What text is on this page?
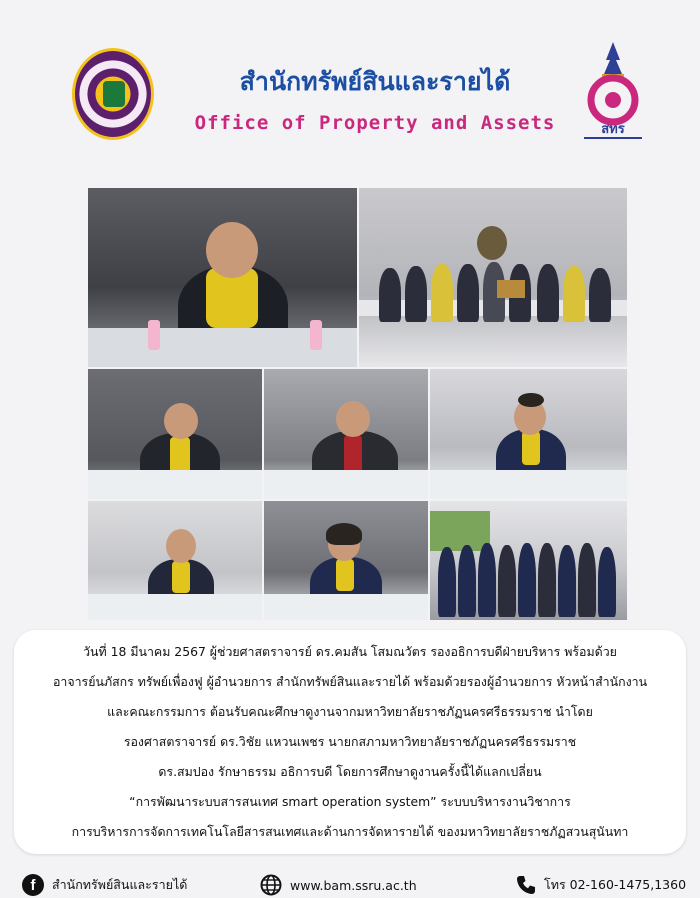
สำนักทรัพย์สินและรายได้
Office of Property and Assets	สทร
วันที่ 18 มีนาคม 2567 ผู้ช่วยศาสตราจารย์ ดร.คมสัน โสมณวัตร รองอธิการบดีฝ่ายบริหาร พร้อมด้วย
อาจารย์นภัสกร ทรัพย์เพื่องฟู ผู้อำนวยการ สำนักทรัพย์สินและรายได้ พร้อมด้วยรองผู้อำนวยการ หัวหน้าสำนักงาน
และคณะกรรมการ ต้อนรับคณะศึกษาดูงานจากมหาวิทยาลัยราชภัฏนครศรีธรรมราช นำโดย
รองศาสตราจารย์ ดร.วิชัย แหวนเพชร นายกสภามหาวิทยาลัยราชภัฏนครศรีธรรมราช
ดร.สมปอง รักษาธรรม อธิการบดี โดยการศึกษาดูงานครั้งนี้ได้แลกเปลี่ยน
“การพัฒนาระบบสารสนเทศ smart operation system” ระบบบริหารงานวิชาการ
การบริหารการจัดการเทคโนโลยีสารสนเทศและด้านการจัดหารายได้ ของมหาวิทยาลัยราชภัฏสวนสุนันทา
f	สำนักทรัพย์สินและรายได้	www.bam.ssru.ac.th	โทร 02-160-1475,1360
